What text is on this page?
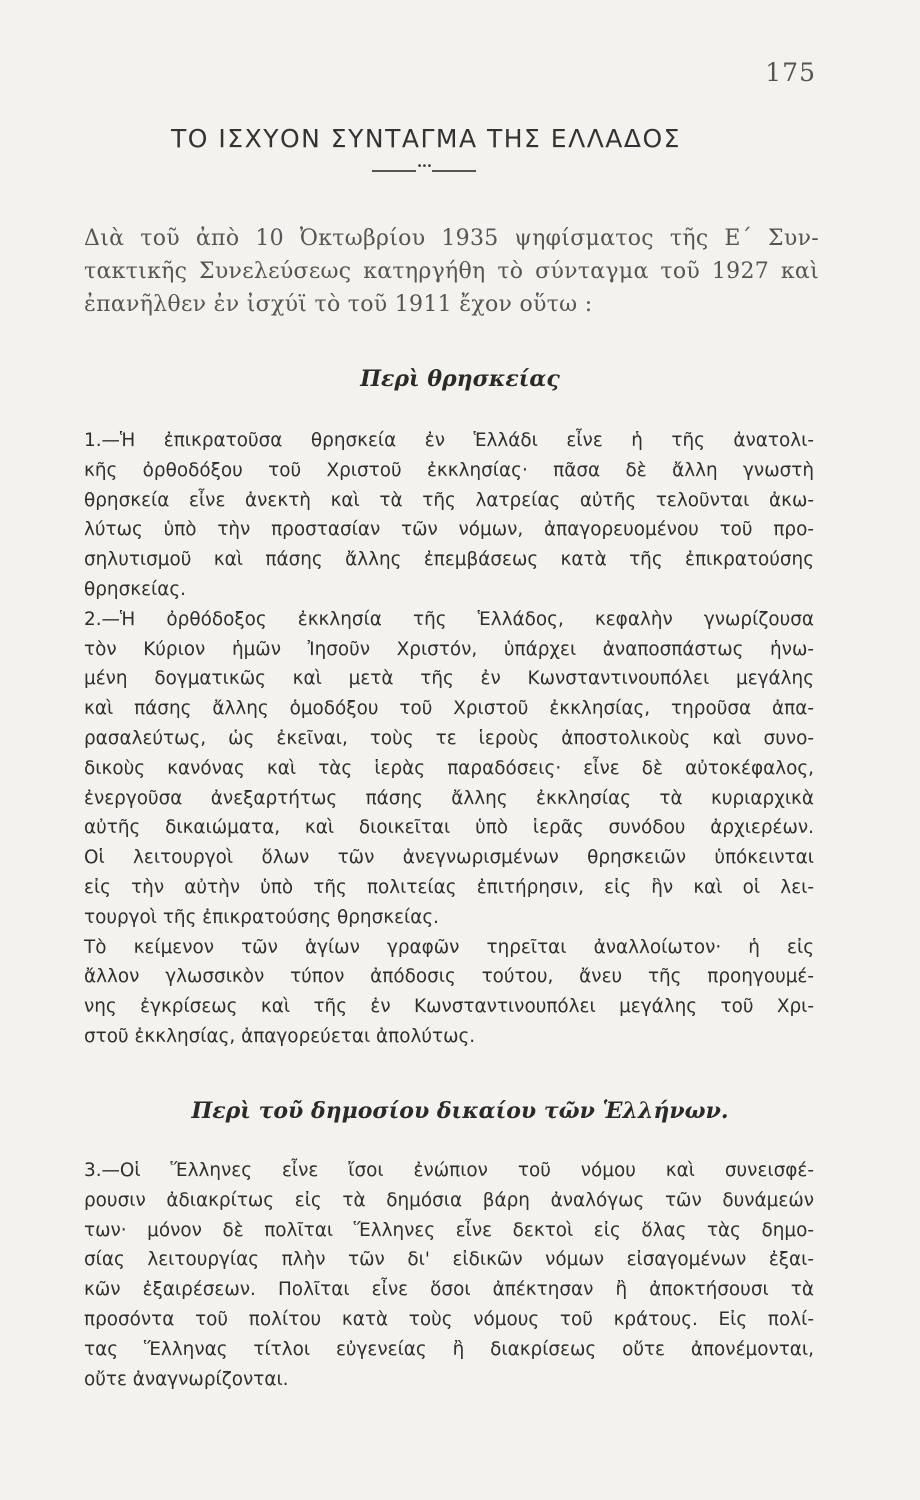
175
ΤΟ ΙΣΧΥΟΝ ΣΥΝΤΑΓΜΑ ΤΗΣ ΕΛΛΑΔΟΣ
•••
Διὰ τοῦ ἀπὸ 10 Ὀκτωβρίου 1935 ψηφίσματος τῆς Ε΄ Συν-
τακτικῆς Συνελεύσεως κατηργήθη τὸ σύνταγμα τοῦ 1927 καὶ
ἐπανῆλθεν ἐν ἰσχύϊ τὸ τοῦ 1911 ἔχον οὕτω :
Περὶ θρησκείας
1.—Ἡ ἐπικρατοῦσα θρησκεία ἐν Ἑλλάδι εἶνε ἡ τῆς ἀνατολι-
κῆς ὀρθοδόξου τοῦ Χριστοῦ ἐκκλησίας· πᾶσα δὲ ἄλλη γνωστὴ
θρησκεία εἶνε ἀνεκτὴ καὶ τὰ τῆς λατρείας αὐτῆς τελοῦνται ἀκω-
λύτως ὑπὸ τὴν προστασίαν τῶν νόμων, ἀπαγορευομένου τοῦ προ-
σηλυτισμοῦ καὶ πάσης ἄλλης ἐπεμβάσεως κατὰ τῆς ἐπικρατούσης
θρησκείας.
2.—Ἡ ὀρθόδοξος ἐκκλησία τῆς Ἑλλάδος, κεφαλὴν γνωρίζουσα
τὸν Κύριον ἡμῶν Ἰησοῦν Χριστόν, ὑπάρχει ἀναποσπάστως ἡνω-
μένη δογματικῶς καὶ μετὰ τῆς ἐν Κωνσταντινουπόλει μεγάλης
καὶ πάσης ἄλλης ὁμοδόξου τοῦ Χριστοῦ ἐκκλησίας, τηροῦσα ἀπα-
ρασαλεύτως, ὡς ἐκεῖναι, τοὺς τε ἱεροὺς ἀποστολικοὺς καὶ συνο-
δικοὺς κανόνας καὶ τὰς ἱερὰς παραδόσεις· εἶνε δὲ αὐτοκέφαλος,
ἐνεργοῦσα ἀνεξαρτήτως πάσης ἄλλης ἐκκλησίας τὰ κυριαρχικὰ
αὐτῆς δικαιώματα, καὶ διοικεῖται ὑπὸ ἱερᾶς συνόδου ἀρχιερέων.
Οἱ λειτουργοὶ ὅλων τῶν ἀνεγνωρισμένων θρησκειῶν ὑπόκεινται
εἰς τὴν αὐτὴν ὑπὸ τῆς πολιτείας ἐπιτήρησιν, εἰς ἣν καὶ οἱ λει-
τουργοὶ τῆς ἐπικρατούσης θρησκείας.
Τὸ κείμενον τῶν ἁγίων γραφῶν τηρεῖται ἀναλλοίωτον· ἡ εἰς
ἄλλον γλωσσικὸν τύπον ἀπόδοσις τούτου, ἄνευ τῆς προηγουμέ-
νης ἐγκρίσεως καὶ τῆς ἐν Κωνσταντινουπόλει μεγάλης τοῦ Χρι-
στοῦ ἐκκλησίας, ἀπαγορεύεται ἀπολύτως.
Περὶ τοῦ δημοσίου δικαίου τῶν Ἑλλήνων.
3.—Οἱ Ἕλληνες εἶνε ἴσοι ἐνώπιον τοῦ νόμου καὶ συνεισφέ-
ρουσιν ἀδιακρίτως εἰς τὰ δημόσια βάρη ἀναλόγως τῶν δυνάμεών
των· μόνον δὲ πολῖται Ἕλληνες εἶνε δεκτοὶ εἰς ὅλας τὰς δημο-
σίας λειτουργίας πλὴν τῶν δι' εἰδικῶν νόμων εἰσαγομένων ἐξαι-
κῶν ἐξαιρέσεων. Πολῖται εἶνε ὅσοι ἀπέκτησαν ἢ ἀποκτήσουσι τὰ
προσόντα τοῦ πολίτου κατὰ τοὺς νόμους τοῦ κράτους. Εἰς πολί-
τας Ἕλληνας τίτλοι εὐγενείας ἢ διακρίσεως οὔτε ἀπονέμονται,
οὔτε ἀναγνωρίζονται.
